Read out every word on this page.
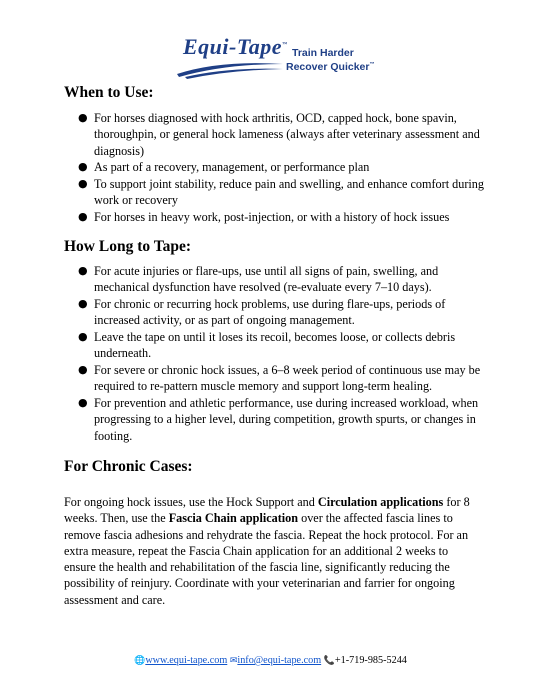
Equi-Tape™
Train Harder
Recover Quicker™
When to Use:
● For horses diagnosed with hock arthritis, OCD, capped hock, bone spavin, thoroughpin, or general hock lameness (always after veterinary assessment and diagnosis)
● As part of a recovery, management, or performance plan
● To support joint stability, reduce pain and swelling, and enhance comfort during work or recovery
● For horses in heavy work, post-injection, or with a history of hock issues
How Long to Tape:
● For acute injuries or flare-ups, use until all signs of pain, swelling, and mechanical dysfunction have resolved (re-evaluate every 7–10 days).
● For chronic or recurring hock problems, use during flare-ups, periods of increased activity, or as part of ongoing management.
● Leave the tape on until it loses its recoil, becomes loose, or collects debris underneath.
● For severe or chronic hock issues, a 6–8 week period of continuous use may be required to re-pattern muscle memory and support long-term healing.
● For prevention and athletic performance, use during increased workload, when progressing to a higher level, during competition, growth spurts, or changes in footing.
For Chronic Cases:

For ongoing hock issues, use the Hock Support and Circulation applications for 8 weeks. Then, use the Fascia Chain application over the affected fascia lines to remove fascia adhesions and rehydrate the fascia. Repeat the hock protocol. For an extra measure, repeat the Fascia Chain application for an additional 2 weeks to ensure the health and rehabilitation of the fascia line, significantly reducing the possibility of reinjury. Coordinate with your veterinarian and farrier for ongoing assessment and care.

🌐www.equi-tape.com ✉info@equi-tape.com 📞+1-719-985-5244
